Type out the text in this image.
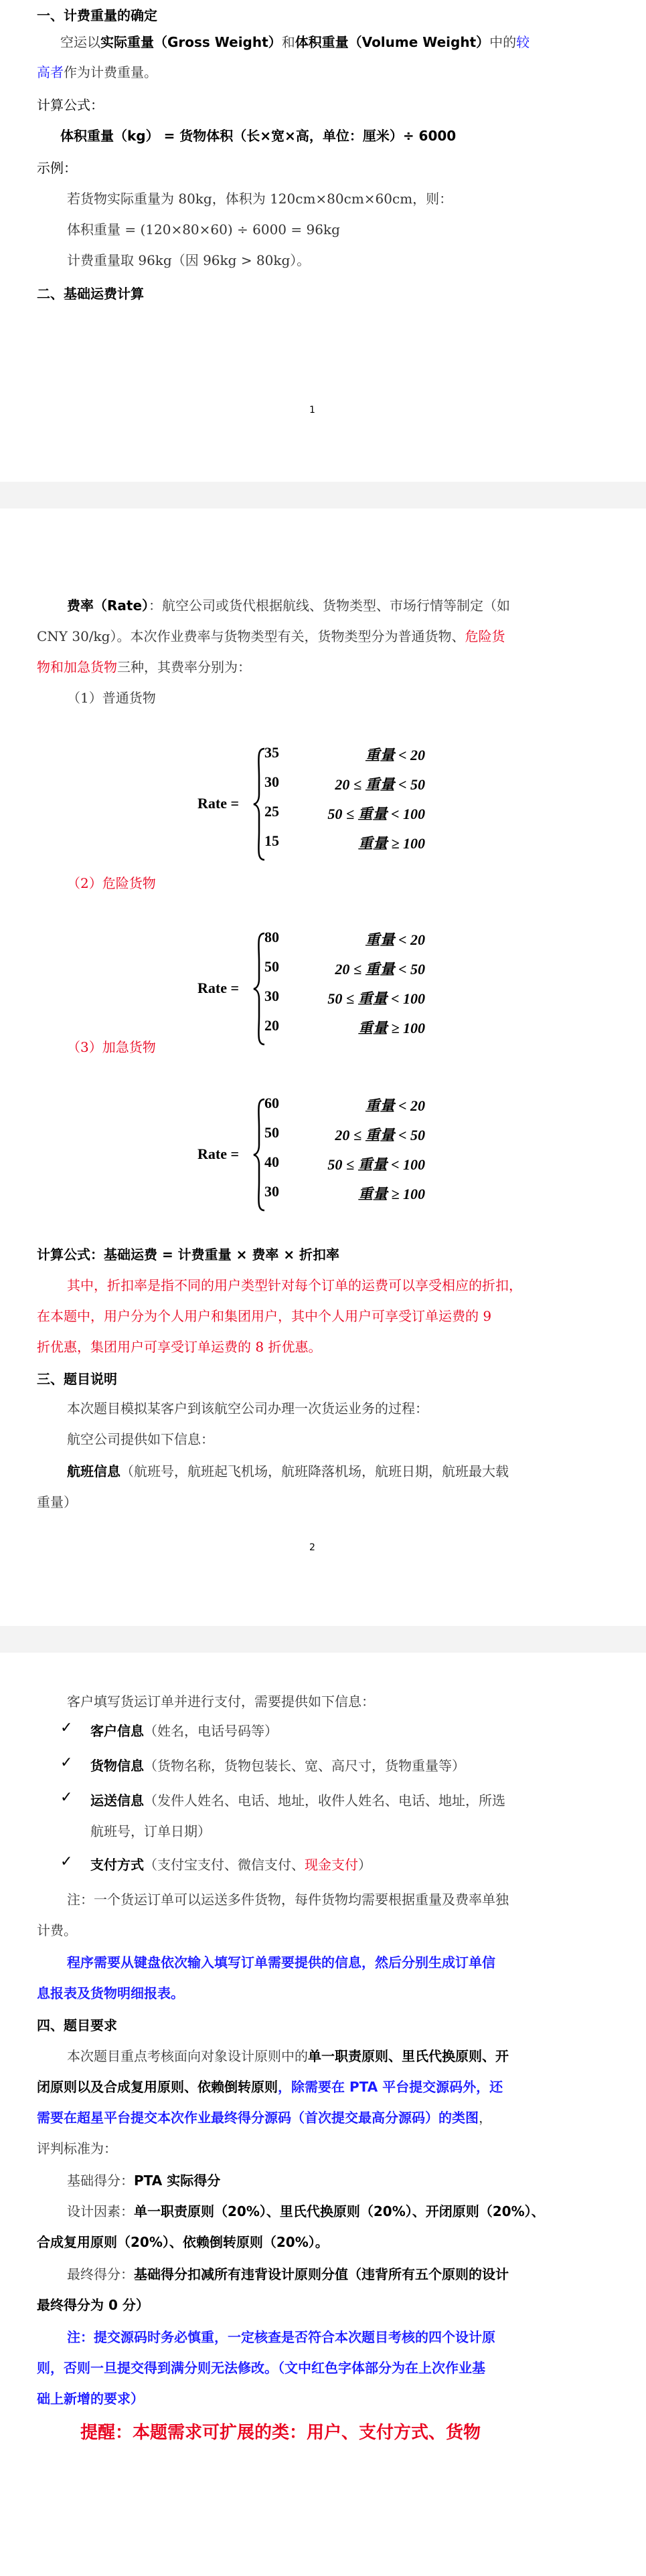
一、计费重量的确定
空运以实际重量（Gross Weight）和体积重量（Volume Weight）中的较
高者作为计费重量。
计算公式：
体积重量（kg） = 货物体积（长×宽×高，单位：厘米）÷ 6000
示例：
若货物实际重量为 80kg，体积为 120cm×80cm×60cm，则：
体积重量 = (120×80×60) ÷ 6000 = 96kg
计费重量取 96kg（因 96kg > 80kg）。
二、基础运费计算
1
费率（Rate）：航空公司或货代根据航线、货物类型、市场行情等制定（如
CNY 30/kg）。本次作业费率与货物类型有关，货物类型分为普通货物、危险货
物和加急货物三种，其费率分别为：
（1）普通货物
Rate =
35	重量 < 20
30	20 ≤ 重量 < 50
25	50 ≤ 重量 < 100
15	重量 ≥ 100
（2）危险货物
Rate =
80	重量 < 20
50	20 ≤ 重量 < 50
30	50 ≤ 重量 < 100
20	重量 ≥ 100
（3）加急货物
Rate =
60	重量 < 20
50	20 ≤ 重量 < 50
40	50 ≤ 重量 < 100
30	重量 ≥ 100
计算公式：基础运费 = 计费重量 × 费率 × 折扣率
其中，折扣率是指不同的用户类型针对每个订单的运费可以享受相应的折扣，
在本题中，用户分为个人用户和集团用户，其中个人用户可享受订单运费的 9
折优惠，集团用户可享受订单运费的 8 折优惠。
三、题目说明
本次题目模拟某客户到该航空公司办理一次货运业务的过程：
航空公司提供如下信息：
航班信息（航班号，航班起飞机场，航班降落机场，航班日期，航班最大载
重量）
2
客户填写货运订单并进行支付，需要提供如下信息：
✓ 客户信息（姓名，电话号码等）
✓ 货物信息（货物名称，货物包装长、宽、高尺寸，货物重量等）
✓ 运送信息（发件人姓名、电话、地址，收件人姓名、电话、地址，所选
航班号，订单日期）
✓ 支付方式（支付宝支付、微信支付、现金支付）
注：一个货运订单可以运送多件货物，每件货物均需要根据重量及费率单独
计费。
程序需要从键盘依次输入填写订单需要提供的信息，然后分别生成订单信
息报表及货物明细报表。
四、题目要求
本次题目重点考核面向对象设计原则中的单一职责原则、里氏代换原则、开
闭原则以及合成复用原则、依赖倒转原则，除需要在 PTA 平台提交源码外，还
需要在超星平台提交本次作业最终得分源码（首次提交最高分源码）的类图，
评判标准为：
基础得分：PTA 实际得分
设计因素：单一职责原则（20%）、里氏代换原则（20%）、开闭原则（20%）、
合成复用原则（20%）、依赖倒转原则（20%）。
最终得分：基础得分扣减所有违背设计原则分值（违背所有五个原则的设计
最终得分为 0 分）
注：提交源码时务必慎重，一定核查是否符合本次题目考核的四个设计原
则，否则一旦提交得到满分则无法修改。（文中红色字体部分为在上次作业基
础上新增的要求）
提醒：本题需求可扩展的类：用户、支付方式、货物
